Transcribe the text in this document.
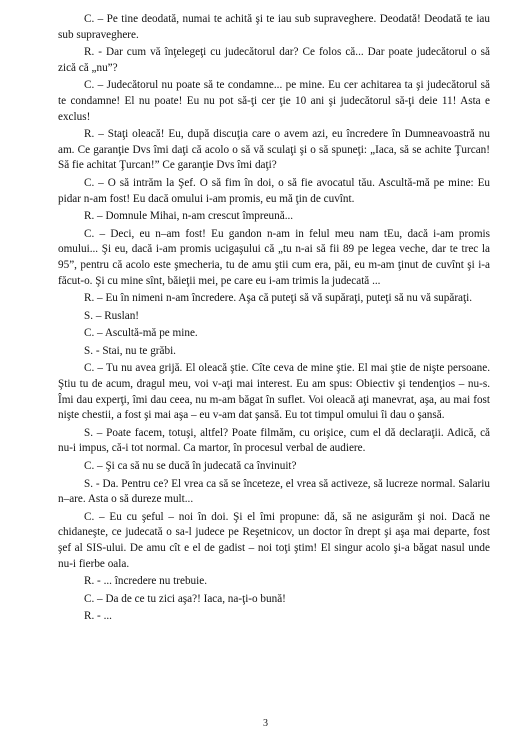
C. – Pe tine deodată, numai te achită şi te iau sub supraveghere. Deodată! Deodată te iau sub supraveghere.

R. - Dar cum vă înţelegeţi cu judecătorul dar? Ce folos că... Dar poate judecătorul o să zică că „nu”?

C. – Judecătorul nu poate să te condamne... pe mine. Eu cer achitarea ta şi judecătorul să te condamne! El nu poate! Eu nu pot să-ţi cer ţie 10 ani şi judecătorul să-ţi deie 11! Asta e exclus!

R. – Staţi oleacă! Eu, după discuţia care o avem azi, eu încredere în Dumneavoastră nu am. Ce garanţie Dvs îmi daţi că acolo o să vă sculaţi şi o să spuneţi: „Iaca, să se achite Ţurcan! Să fie achitat Ţurcan!” Ce garanţie Dvs îmi daţi?

C. – O să intrăm la Şef. O să fim în doi, o să fie avocatul tău. Ascultă-mă pe mine: Eu pidar n-am fost! Eu dacă omului i-am promis, eu mă ţin de cuvînt.

R. – Domnule Mihai, n-am crescut împreună...

C. – Deci, eu n–am fost! Eu gandon n-am in felul meu nam tEu, dacă i-am promis omului... Şi eu, dacă i-am promis ucigaşului că „tu n-ai să fii 89 pe legea veche, dar te trec la 95”, pentru că acolo este şmecheria, tu de amu ştii cum era, păi, eu m-am ţinut de cuvînt şi i-a făcut-o. Şi cu mine sînt, băieţii mei, pe care eu i-am trimis la judecată ...

R. – Eu în nimeni n-am încredere. Aşa că puteţi să vă supăraţi, puteţi să nu vă supăraţi.

S. – Ruslan!

C. – Ascultă-mă pe mine.

S. - Stai, nu te grăbi.

C. – Tu nu avea grijă. El oleacă ştie. Cîte ceva de mine ştie. El mai ştie de nişte persoane. Ştiu tu de acum, dragul meu, voi v-aţi mai interest. Eu am spus: Obiectiv şi tendenţios – nu-s. Îmi dau experţi, îmi dau ceea, nu m-am băgat în suflet. Voi oleacă aţi manevrat, aşa, au mai fost nişte chestii, a fost şi mai aşa – eu v-am dat şansă. Eu tot timpul omului îi dau o şansă.

S. – Poate facem, totuşi, altfel? Poate filmăm, cu orişice, cum el dă declaraţii. Adică, că nu-i impus, că-i tot normal. Ca martor, în procesul verbal de audiere.

C. – Şi ca să nu se ducă în judecată ca învinuit?

S. - Da. Pentru ce? El vrea ca să se înceteze, el vrea să activeze, să lucreze normal. Salariu n–are. Asta o să dureze mult...

C. – Eu cu şeful – noi în doi. Şi el îmi propune: dă, să ne asigurăm şi noi. Dacă ne chidaneşte, ce judecată o sa-l judece pe Reşetnicov, un doctor în drept şi aşa mai departe, fost şef al SIS-ului. De amu cît e el de gadist – noi toţi ştim! El singur acolo şi-a băgat nasul unde nu-i fierbe oala.

R. - ... încredere nu trebuie.

C. – Da de ce tu zici aşa?! Iaca, na-ţi-o bună!

R. - ...

3
